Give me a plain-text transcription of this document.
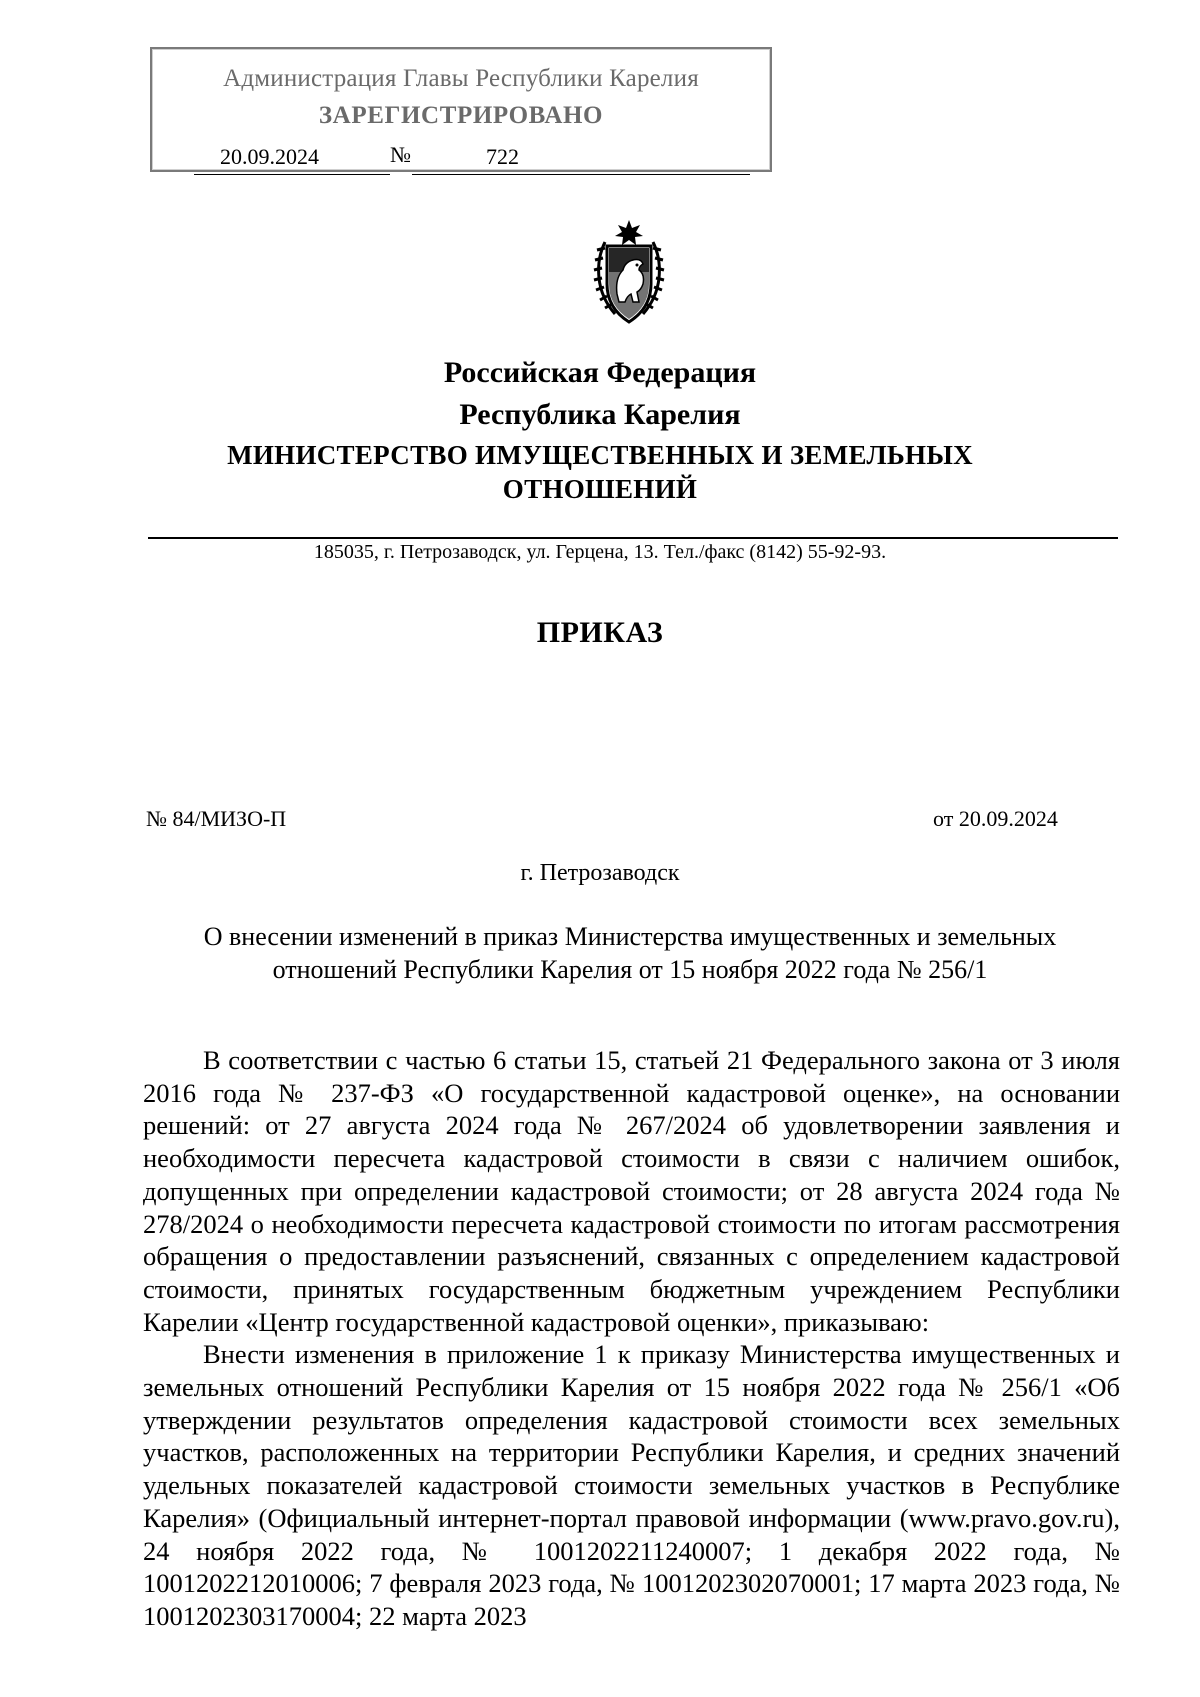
Администрация Главы Республики Карелия
ЗАРЕГИСТРИРОВАНО
20.09.2024	№	722
Российская Федерация
Республика Карелия
МИНИСТЕРСТВО ИМУЩЕСТВЕННЫХ И ЗЕМЕЛЬНЫХ
ОТНОШЕНИЙ
185035, г. Петрозаводск, ул. Герцена, 13. Тел./факс (8142) 55-92-93.
ПРИКАЗ
№ 84/МИЗО-П	от 20.09.2024
г. Петрозаводск
О внесении изменений в приказ Министерства имущественных и земельных
отношений Республики Карелия от 15 ноября 2022 года № 256/1

В соответствии с частью 6 статьи 15, статьей 21 Федерального закона от 3 июля 2016 года № 237-ФЗ «О государственной кадастровой оценке», на основании решений: от 27 августа 2024 года № 267/2024 об удовлетворении заявления и необходимости пересчета кадастровой стоимости в связи с наличием ошибок, допущенных при определении кадастровой стоимости; от 28 августа 2024 года № 278/2024 о необходимости пересчета кадастровой стоимости по итогам рассмотрения обращения о предоставлении разъяснений, связанных с определением кадастровой стоимости, принятых государственным бюджетным учреждением Республики Карелии «Центр государственной кадастровой оценки», приказываю:

Внести изменения в приложение 1 к приказу Министерства имущественных и земельных отношений Республики Карелия от 15 ноября 2022 года № 256/1 «Об утверждении результатов определения кадастровой стоимости всех земельных участков, расположенных на территории Республики Карелия, и средних значений удельных показателей кадастровой стоимости земельных участков в Республике Карелия» (Официальный интернет-портал правовой информации (www.pravo.gov.ru), 24 ноября 2022 года, № 1001202211240007; 1 декабря 2022 года, № 1001202212010006; 7 февраля 2023 года, № 1001202302070001; 17 марта 2023 года, № 1001202303170004; 22 марта 2023
